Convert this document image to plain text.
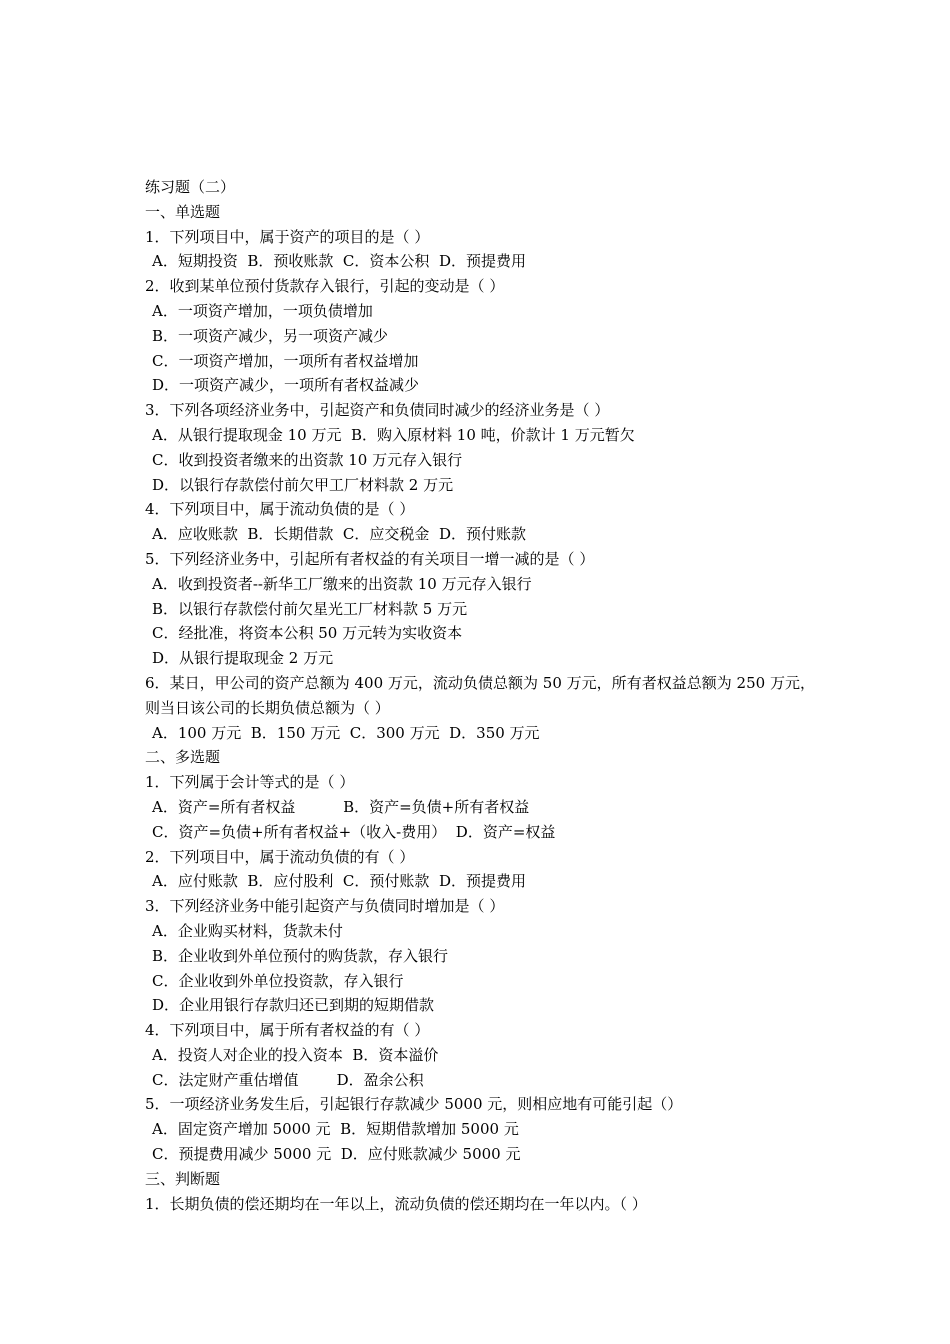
练习题（二）
一、单选题
1．下列项目中，属于资产的项目的是（ ）
A．短期投资  B．预收账款  C．资本公积  D．预提费用
2．收到某单位预付货款存入银行，引起的变动是（ ）
A．一项资产增加，一项负债增加
B．一项资产减少，另一项资产减少
C．一项资产增加，一项所有者权益增加
D．一项资产减少，一项所有者权益减少
3．下列各项经济业务中，引起资产和负债同时减少的经济业务是（ ）
A．从银行提取现金 10 万元  B．购入原材料 10 吨，价款计 1 万元暂欠
C．收到投资者缴来的出资款 10 万元存入银行
D．以银行存款偿付前欠甲工厂材料款 2 万元
4．下列项目中，属于流动负债的是（ ）
A．应收账款  B．长期借款  C．应交税金  D．预付账款
5．下列经济业务中，引起所有者权益的有关项目一增一减的是（ ）
A．收到投资者--新华工厂缴来的出资款 10 万元存入银行
B．以银行存款偿付前欠星光工厂材料款 5 万元
C．经批准，将资本公积 50 万元转为实收资本
D．从银行提取现金 2 万元
6．某日，甲公司的资产总额为 400 万元，流动负债总额为 50 万元，所有者权益总额为 250 万元，则当日该公司的长期负债总额为（ ）
A．100 万元  B．150 万元  C．300 万元  D．350 万元
二、多选题
1．下列属于会计等式的是（ ）
A．资产=所有者权益          B．资产=负债+所有者权益
C．资产=负债+所有者权益+（收入-费用）  D．资产=权益
2．下列项目中，属于流动负债的有（ ）
A．应付账款  B．应付股利  C．预付账款  D．预提费用
3．下列经济业务中能引起资产与负债同时增加是（ ）
A．企业购买材料，货款未付
B．企业收到外单位预付的购货款，存入银行
C．企业收到外单位投资款，存入银行
D．企业用银行存款归还已到期的短期借款
4．下列项目中，属于所有者权益的有（ ）
A．投资人对企业的投入资本  B．资本溢价
C．法定财产重估增值        D．盈余公积
5．一项经济业务发生后，引起银行存款减少 5000 元，则相应地有可能引起（）
A．固定资产增加 5000 元  B．短期借款增加 5000 元
C．预提费用减少 5000 元  D．应付账款减少 5000 元
三、判断题
1．长期负债的偿还期均在一年以上，流动负债的偿还期均在一年以内。（ ）
